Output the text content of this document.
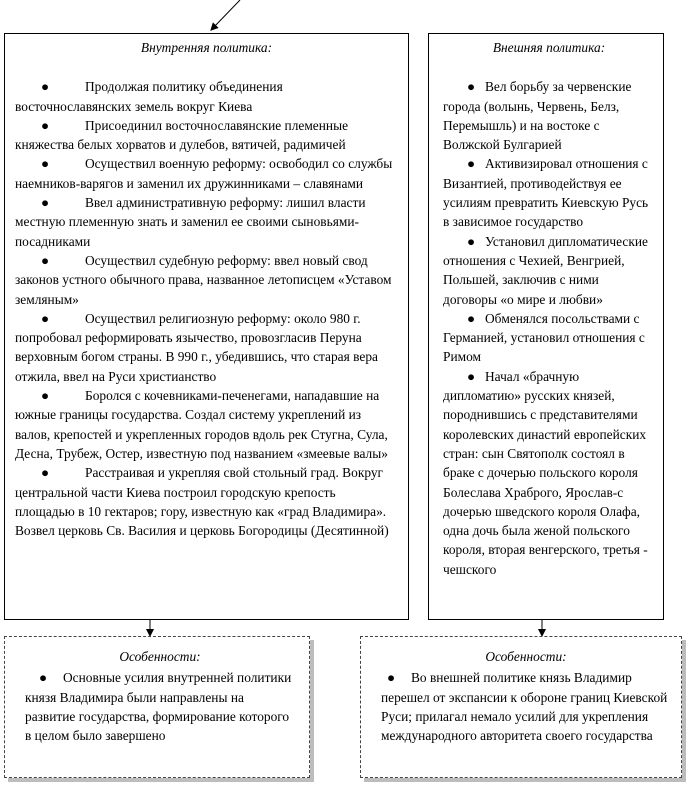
Внутренняя политика:
●	Продолжая политику объединения восточнославянских земель вокруг Киева
●	Присоединил восточнославянские племенные княжества белых хорватов и дулебов, вятичей, радимичей
●	Осуществил военную реформу: освободил со службы наемников-варягов и заменил их дружинниками – славянами
●	Ввел административную реформу: лишил власти местную племенную знать и заменил ее своими сыновьями-посадниками
●	Осуществил судебную реформу: ввел новый свод законов устного обычного права, названное летописцем «Уставом земляным»
●	Осуществил религиозную реформу: около 980 г. попробовал реформировать язычество, провозгласив Перуна верховным богом страны. В 990 г., убедившись, что старая вера отжила, ввел на Руси христианство
●	Боролся с кочевниками-печенегами, нападавшие на южные границы государства. Создал систему укреплений из валов, крепостей и укрепленных городов вдоль рек Стугна, Сула, Десна, Трубеж, Остер, известную под названием «змеевые валы»
●	Расстраивая и укрепляя свой стольный град. Вокруг центральной части Киева построил городскую крепость площадью в 10 гектаров; гору, известную как «град Владимира». Возвел церковь Св. Василия и церковь Богородицы (Десятинной)
Внешняя политика:
● Вел борьбу за червенские города (волынь, Червень, Белз, Перемышль) и на востоке с Волжской Булгарией
● Активизировал отношения с Византией, противодействуя ее усилиям превратить Киевскую Русь в зависимое государство
● Установил дипломатические отношения с Чехией, Венгрией, Польшей, заключив с ними договоры «о мире и любви»
● Обменялся посольствами с Германией, установил отношения с Римом
● Начал «брачную дипломатию» русских князей, породнившись с представителями королевских династий европейских стран: сын Святополк состоял в браке с дочерью польского короля Болеслава Храброго, Ярослав-с дочерью шведского короля Олафа, одна дочь была женой польского короля, вторая венгерского, третья - чешского
Особенности:

● Основные усилия внутренней политики князя Владимира были направлены на развитие государства, формирование которого в целом было завершено

Особенности:

● Во внешней политике князь Владимир перешел от экспансии к обороне границ Киевской Руси; прилагал немало усилий для укрепления международного авторитета своего государства
